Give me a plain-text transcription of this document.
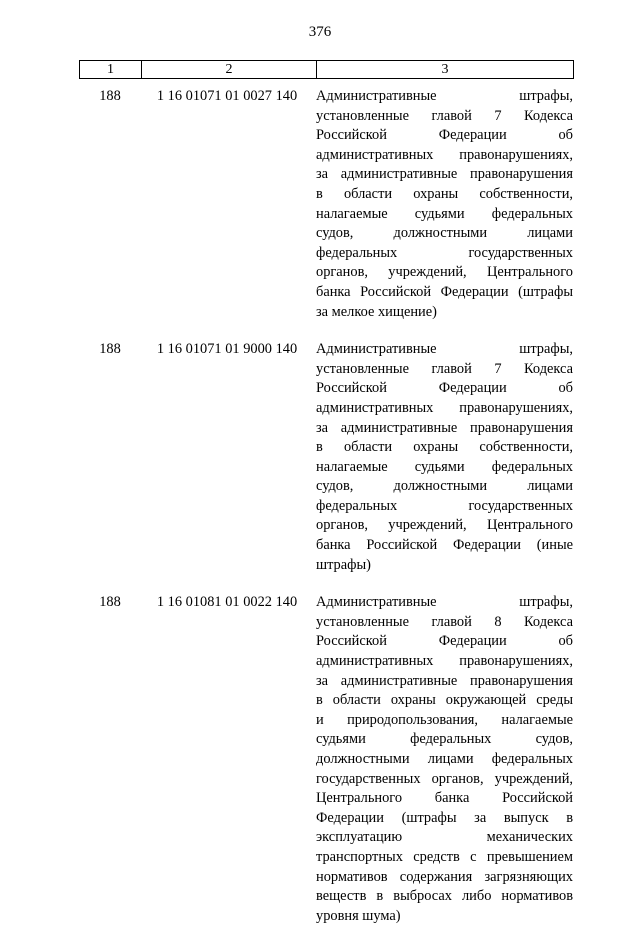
376
1	2	3
188	1 16 01071 01 0027 140	Административные штрафы,
установленные главой 7 Кодекса
Российской Федерации об
административных правонарушениях,
за административные правонарушения
в области охраны собственности,
налагаемые судьями федеральных
судов, должностными лицами
федеральных государственных
органов, учреждений, Центрального
банка Российской Федерации (штрафы
за мелкое хищение)
188	1 16 01071 01 9000 140	Административные штрафы,
установленные главой 7 Кодекса
Российской Федерации об
административных правонарушениях,
за административные правонарушения
в области охраны собственности,
налагаемые судьями федеральных
судов, должностными лицами
федеральных государственных
органов, учреждений, Центрального
банка Российской Федерации (иные
штрафы)
188	1 16 01081 01 0022 140	Административные штрафы,
установленные главой 8 Кодекса
Российской Федерации об
административных правонарушениях,
за административные правонарушения
в области охраны окружающей среды
и природопользования, налагаемые
судьями федеральных судов,
должностными лицами федеральных
государственных органов, учреждений,
Центрального банка Российской
Федерации (штрафы за выпуск в
эксплуатацию механических
транспортных средств с превышением
нормативов содержания загрязняющих
веществ в выбросах либо нормативов
уровня шума)
